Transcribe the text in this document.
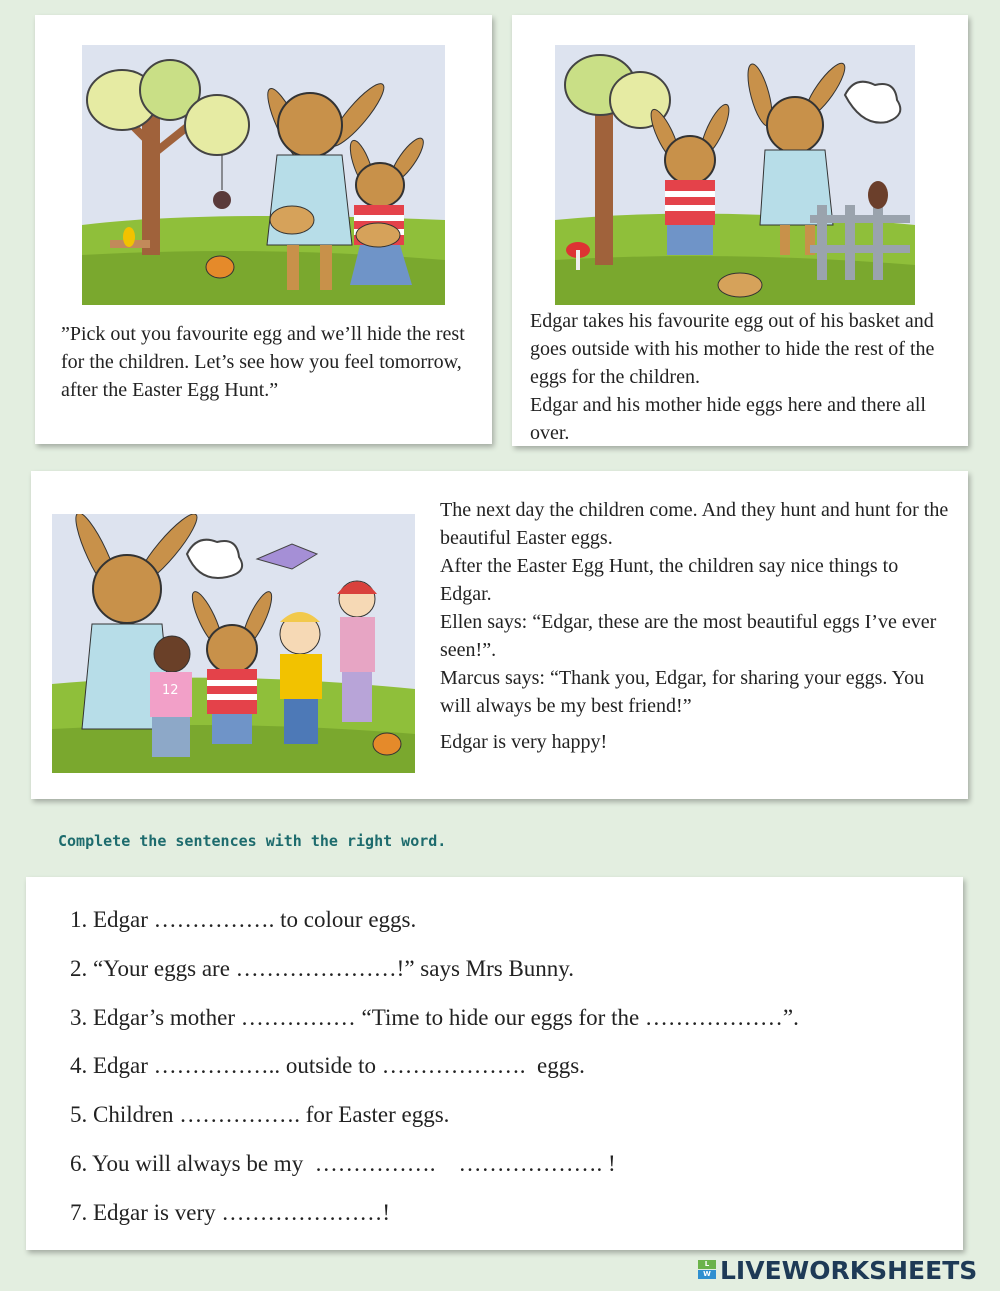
”Pick out you favourite egg and we’ll hide the rest for the children. Let’s see how you feel tomorrow, after the Easter Egg Hunt.”

Edgar takes his favourite egg out of his basket and goes outside with his mother to hide the rest of the eggs for the children.

Edgar and his mother hide eggs here and there all over.

12

The next day the children come. And they hunt and hunt for the beautiful Easter eggs.

After the Easter Egg Hunt, the children say nice things to Edgar.

Ellen says: “Edgar, these are the most beautiful eggs I’ve ever seen!”.

Marcus says: “Thank you, Edgar, for sharing your eggs. You will always be my best friend!”

Edgar is very happy!

Complete the sentences with the right word.
1. Edgar ……………. to colour eggs.
2. “Your eggs are …………………!” says Mrs Bunny.
3. Edgar’s mother …………… “Time to hide our eggs for the ………………”.
4. Edgar …………….. outside to ……………….  eggs.
5. Children ……………. for Easter eggs.
6. You will always be my  …………….    ………………. !
7. Edgar is very …………………!
L
W LIVEWORKSHEETS
